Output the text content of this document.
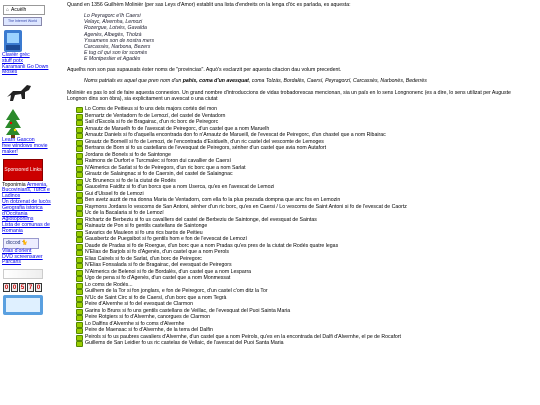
⌂ Acuèlh
The Internet World
Clavièr grèc
stuff potx
Karamanli Go Down Moses
Learn Gascon
free windows movie maker!
Sponsored Links
Toponimia Armenia,
Bucovinians, Turcs e Ladinos
Un dotzenat de lucòs
Geografia istorica d'Occitania
Agiotoponims
Lista de comunas de Romania
diccod 🐈
Vilas d'orient
DVD screensaver
Parcans
0 0 5 7 0

Quand en 1356 Guilhèm Molinièr (per sas Leys d'Amor) establit una lista d'endreits on la lenga d'òc es parlada, es aquesta:

Lo Peyragorc e'lh Caersi
Velayc, Alvernha, Lemozi
Rozergue, Lotvès, Gavalda
Agenès, Albegès, Tholzà
Yssamens son de nostra mers
Carcassès, Narbona, Bezers
E tug cil qui son lor scomès
E Montpeslier et Agadès

Aquelhs non son pas supausats èster noms de "provincias". Aquò's esclarzit per aquesta citacion dau volum precedent.

Noms patrials es aquel que pren nom d'un pahis, coma d'un avesquat, coma Tolzàs, Bordalès, Caersí, Peyragorzí, Carcassès, Narbonès, Bederrès

Molinièr es pas lo sol de faire aquesta connexion. Un grand nombre d'introduccions de vidas trobadorescas mencionan, sia un païs en lo sens Longnonenc (es a dire, lo sens utilizat per Auguste Longnon dins son òbra), sia explicitament un avescat o una ciutat

Lo Coms de Peitieus si fo uns dels majors cortés del mon
Bernartz de Ventadorn fo de Lemozí, del castel de Ventadorn
Sail d'Escola si fo de Bragairac, d'un ric borc de Peiregorc
Arnautz de Maruelh fo de l'avescat de Peiregorc, d'un castel que a nom Maruelh
Arnautz Daniels si fo d'aquella encontrada don fo n'Arnautz de Marueill, de l'evescat de Peiregorc, d'un chastel que a nom Ribairac
Girautz de Borneill si fo de Lemozi, de l'encontrada d'Esiduelh, d'un ric castel del vescomte de Lemoges
Bertrans de Born si fo us castellans de l'evesquat de Peiregors, sénher d'un castel que avia nom Autafort
Jordans de Bonels si fo de Saintonge
Raimons de Durfort e Turcmalec si foron dui cavallier de Caersí
N'Aimerics de Sarlat si fo de Peiregors, d'un ric borc que a nom Sarlat
Girautz de Salaingnac si fo de Caersin, del castel de Salaingnac
Uc Brunencs si fo de la ciutat de Rodés
Gaucelms Faiditz si fo d'un borcs que a nom Userca, qu'es en l'avescat de Lemozi
Gui d'Uissel fo de Lemozi
Ben avetz auzit de ma donna Maria de Ventadorn, com ella fo la plus prezada dompna que anc fos en Lemozin
Raymons Jordans lo vescoms de San Antoni, sénher d'un ric borc, qu'es en Caersi / Lo vescoms de Saint Antoni si fo de l'evescat de Caortz
Uc de la Bacalaria si fo de Lemozí
Richartz de Berbeziu si fo us cavalliers del castel de Berbeziu de Saintonge, del evesquat de Saintas
Rainautz de Pon si fo gentils castellans de Saintonge
Savarics de Mauleon si fo uns rics baròs de Peitieu
Gausbertz de Puegsibot si fo gentils hom e fon de l'evescat de Lemozí
Daude de Pradas si fo de Roergue, d'un borc que a nom Pradas qu'es pres de la ciutat de Rodés quatre legas
N'Elias de Barjols si fo d'Agenès, d'un castel que a nom Perols
Elias Cairels si fo de Sarlat, d'un borc de Peiregorc
N'Elias Fonsalada si fo de Bragairac, del evesquat de Peiregors
N'Aimerics de Belenoi si fo de Bordalès, d'un castel que a nom Lesparra
Ugo de pena si fo d'Agenès, d'un castel que a nom Monmessat
Lo coms de Rodés...
Guilhem de la Tor si fon jonglars, e fon de Peiregorc, d'un castel c'om ditz la Tor
N'Uc de Saint Circ si fo de Caersí, d'un borc que a nom Tegrà
Peire d'Alvernhe si fo del evesquat de Clarmon
Garins lo Bruns si fo uns gentils castellans de Veillac, de l'evesquat del Puoi Sainta Maria
Peire Rotgiers si fo d'Alvernhe, canorgues de Clarmon
Lo Dalfins d'Alvernhe si fo coms d'Alvernhe
Peire de Maensac si fo d'Alvernhe, de la terra del Dalfin
Peirols si fo us paubres cavaliers d'Alvernhe, d'un castel que a nom Peirols, qu'es en la encontrada del Dalfi d'Alvernhe, el pe de Rocafort
Guillems de San Leidier fo us ric castelas de Vellaic, de l'avescat del Puoi Santa Maria
